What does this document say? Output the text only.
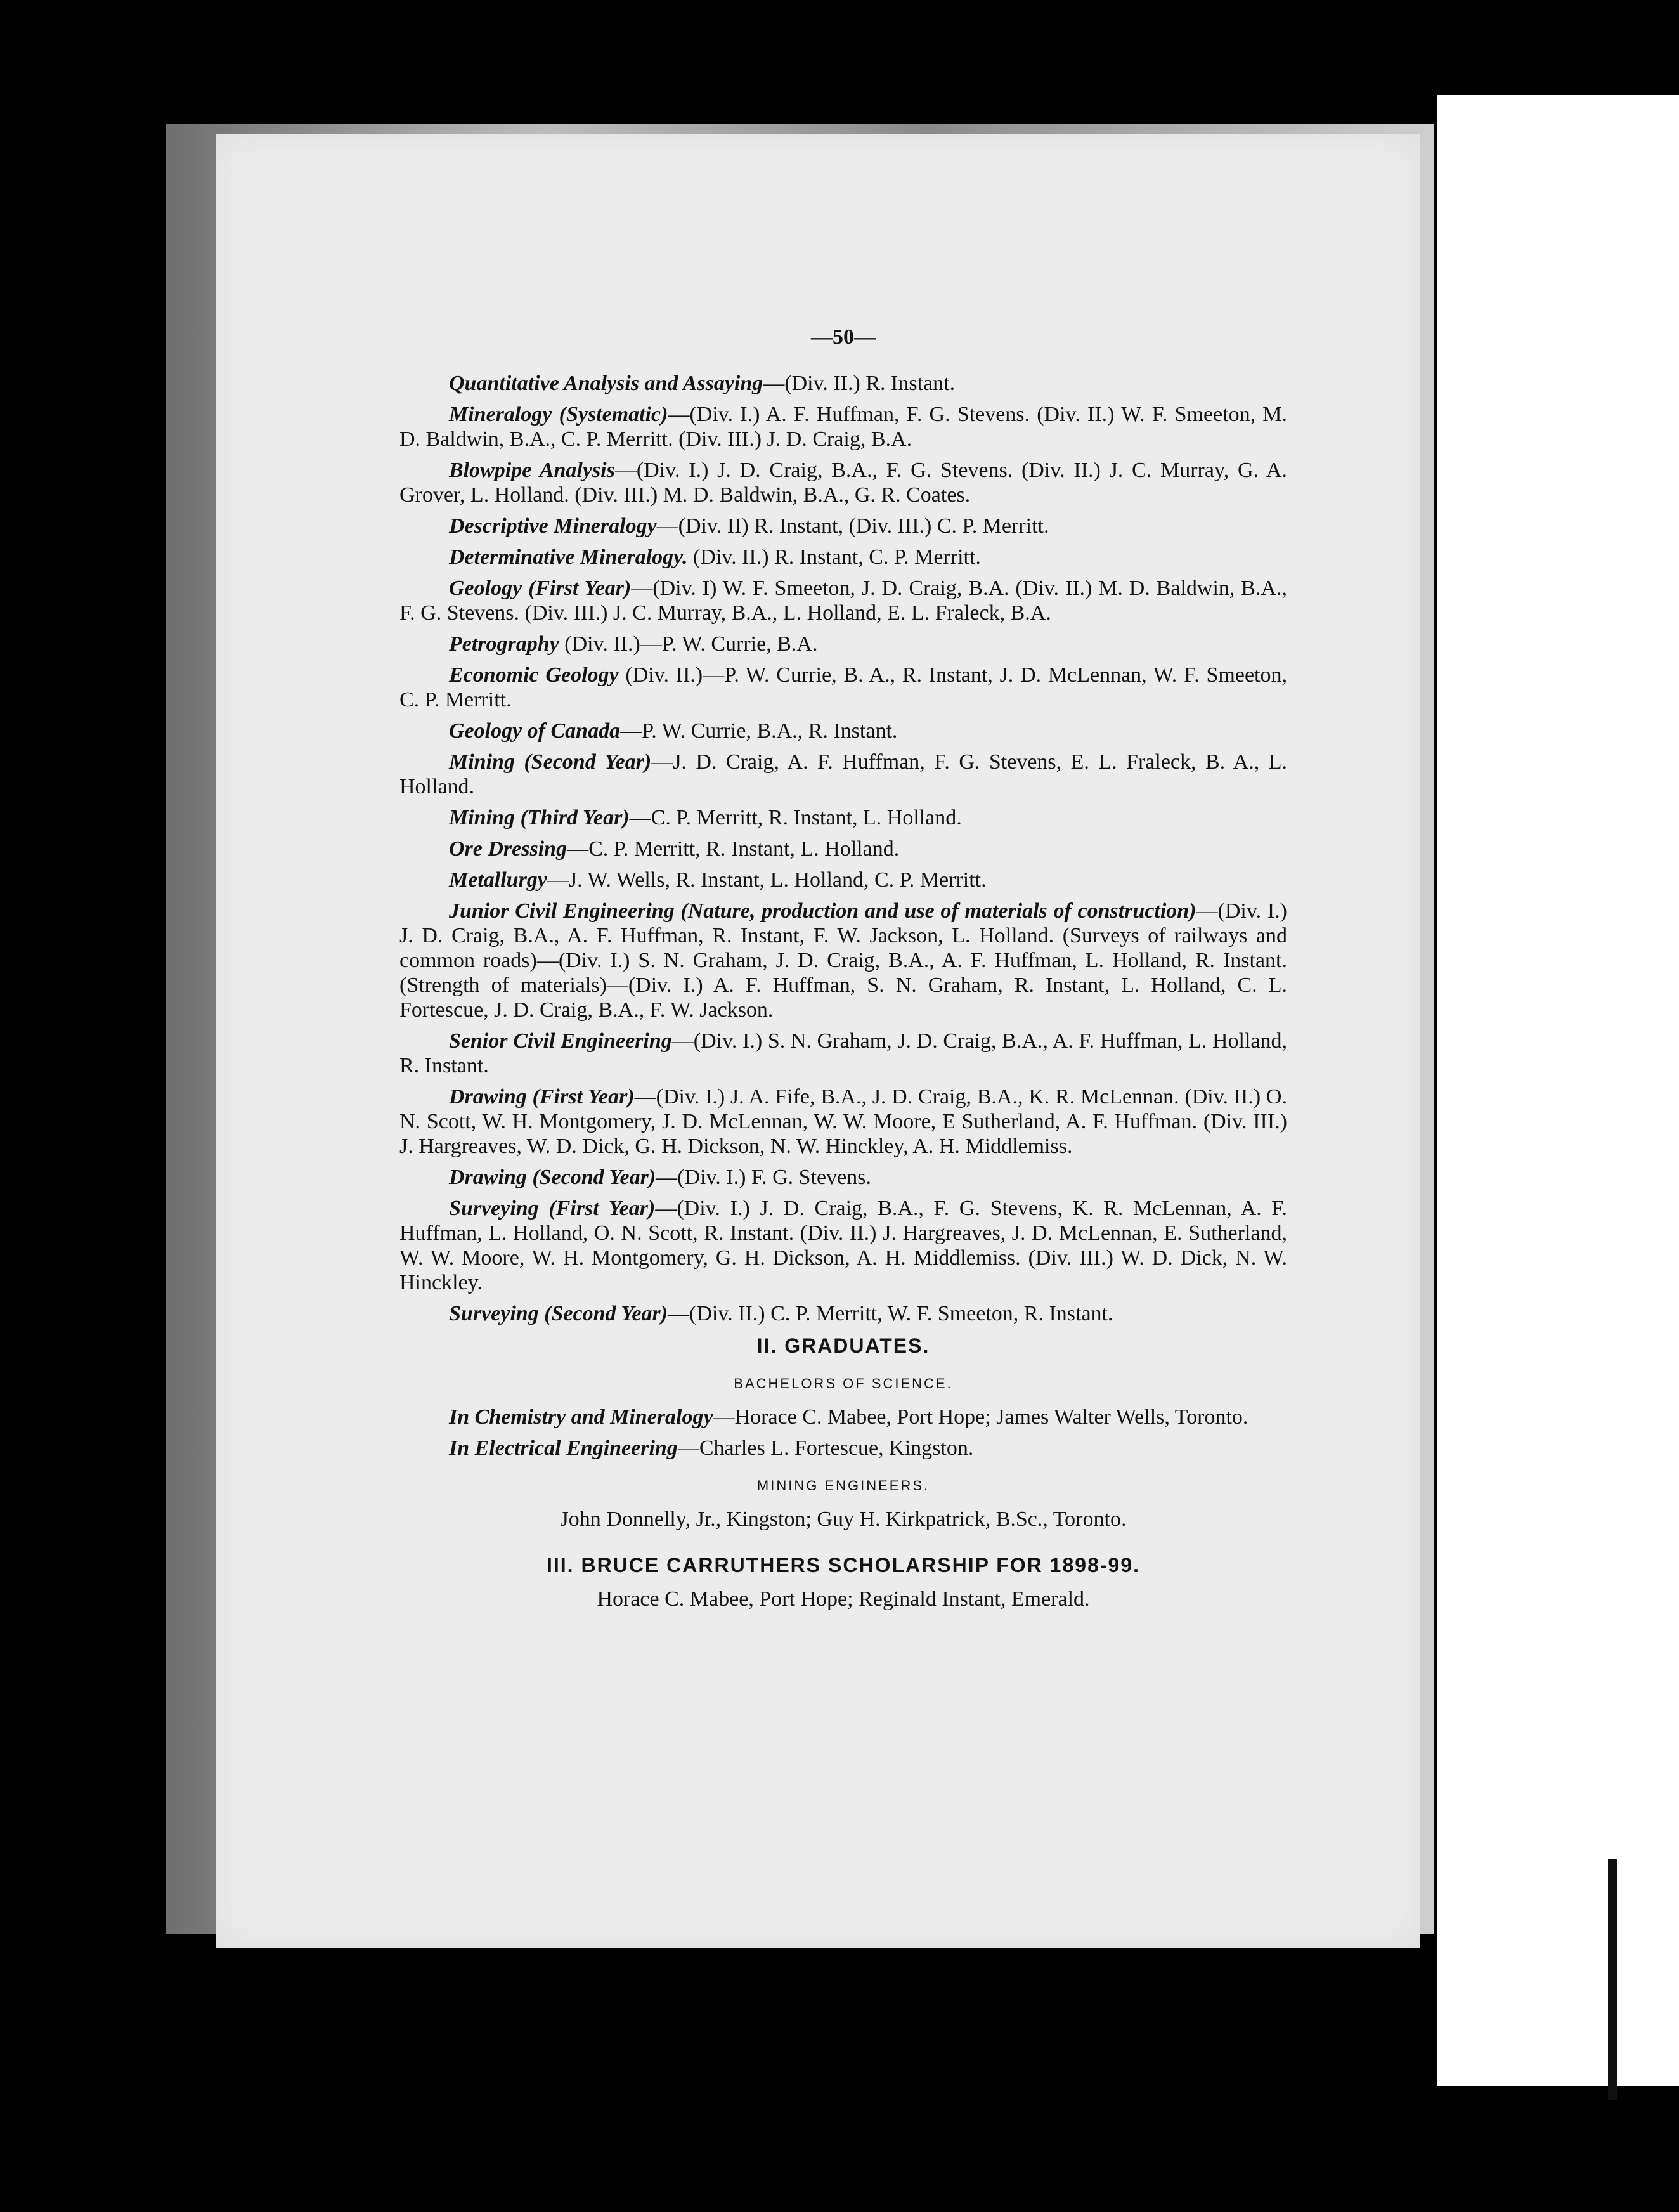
—50—

Quantitative Analysis and Assaying—(Div. II.) R. Instant.

Mineralogy (Systematic)—(Div. I.) A. F. Huffman, F. G. Stevens. (Div. II.) W. F. Smeeton, M. D. Baldwin, B.A., C. P. Merritt. (Div. III.) J. D. Craig, B.A.

Blowpipe Analysis—(Div. I.) J. D. Craig, B.A., F. G. Stevens. (Div. II.) J. C. Murray, G. A. Grover, L. Holland. (Div. III.) M. D. Baldwin, B.A., G. R. Coates.

Descriptive Mineralogy—(Div. II) R. Instant, (Div. III.) C. P. Merritt.

Determinative Mineralogy. (Div. II.) R. Instant, C. P. Merritt.

Geology (First Year)—(Div. I) W. F. Smeeton, J. D. Craig, B.A. (Div. II.) M. D. Baldwin, B.A., F. G. Stevens. (Div. III.) J. C. Murray, B.A., L. Holland, E. L. Fraleck, B.A.

Petrography (Div. II.)—P. W. Currie, B.A.

Economic Geology (Div. II.)—P. W. Currie, B. A., R. Instant, J. D. McLennan, W. F. Smeeton, C. P. Merritt.

Geology of Canada—P. W. Currie, B.A., R. Instant.

Mining (Second Year)—J. D. Craig, A. F. Huffman, F. G. Stevens, E. L. Fraleck, B. A., L. Holland.

Mining (Third Year)—C. P. Merritt, R. Instant, L. Holland.

Ore Dressing—C. P. Merritt, R. Instant, L. Holland.

Metallurgy—J. W. Wells, R. Instant, L. Holland, C. P. Merritt.

Junior Civil Engineering (Nature, production and use of materials of construction)—(Div. I.) J. D. Craig, B.A., A. F. Huffman, R. Instant, F. W. Jackson, L. Holland. (Surveys of railways and common roads)—(Div. I.) S. N. Graham, J. D. Craig, B.A., A. F. Huffman, L. Holland, R. Instant. (Strength of materials)—(Div. I.) A. F. Huffman, S. N. Graham, R. Instant, L. Holland, C. L. Fortescue, J. D. Craig, B.A., F. W. Jackson.

Senior Civil Engineering—(Div. I.) S. N. Graham, J. D. Craig, B.A., A. F. Huffman, L. Holland, R. Instant.

Drawing (First Year)—(Div. I.) J. A. Fife, B.A., J. D. Craig, B.A., K. R. McLennan. (Div. II.) O. N. Scott, W. H. Montgomery, J. D. McLennan, W. W. Moore, E Sutherland, A. F. Huffman. (Div. III.) J. Hargreaves, W. D. Dick, G. H. Dickson, N. W. Hinckley, A. H. Middlemiss.

Drawing (Second Year)—(Div. I.) F. G. Stevens.

Surveying (First Year)—(Div. I.) J. D. Craig, B.A., F. G. Stevens, K. R. McLennan, A. F. Huffman, L. Holland, O. N. Scott, R. Instant. (Div. II.) J. Hargreaves, J. D. McLennan, E. Sutherland, W. W. Moore, W. H. Montgomery, G. H. Dickson, A. H. Middlemiss. (Div. III.) W. D. Dick, N. W. Hinckley.

Surveying (Second Year)—(Div. II.) C. P. Merritt, W. F. Smeeton, R. Instant.

II. GRADUATES.
BACHELORS OF SCIENCE.

In Chemistry and Mineralogy—Horace C. Mabee, Port Hope; James Walter Wells, Toronto.

In Electrical Engineering—Charles L. Fortescue, Kingston.

MINING ENGINEERS.
John Donnelly, Jr., Kingston; Guy H. Kirkpatrick, B.Sc., Toronto.
III. BRUCE CARRUTHERS SCHOLARSHIP FOR 1898-99.
Horace C. Mabee, Port Hope; Reginald Instant, Emerald.
